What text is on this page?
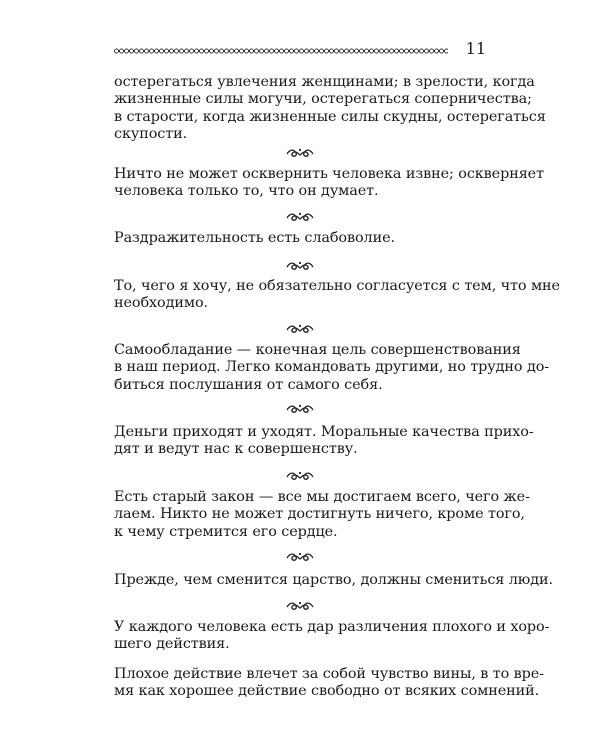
11
остерегаться увлечения женщинами; в зрелости, когда
жизненные силы могучи, остерегаться соперничества;
в старости, когда жизненные силы скудны, остерегаться
скупости.
Ничто не может осквернить человека извне; оскверняет
человека только то, что он думает.
Раздражительность есть слабоволие.
То, чего я хочу, не обязательно согласуется с тем, что мне
необходимо.
Самообладание — конечная цель совершенствования
в наш период. Легко командовать другими, но трудно до-
биться послушания от самого себя.
Деньги приходят и уходят. Моральные качества прихо-
дят и ведут нас к совершенству.
Есть старый закон — все мы достигаем всего, чего же-
лаем. Никто не может достигнуть ничего, кроме того,
к чему стремится его сердце.
Прежде, чем сменится царство, должны смениться люди.
У каждого человека есть дар различения плохого и хоро-
шего действия.
Плохое действие влечет за собой чувство вины, в то вре-
мя как хорошее действие свободно от всяких сомнений.
